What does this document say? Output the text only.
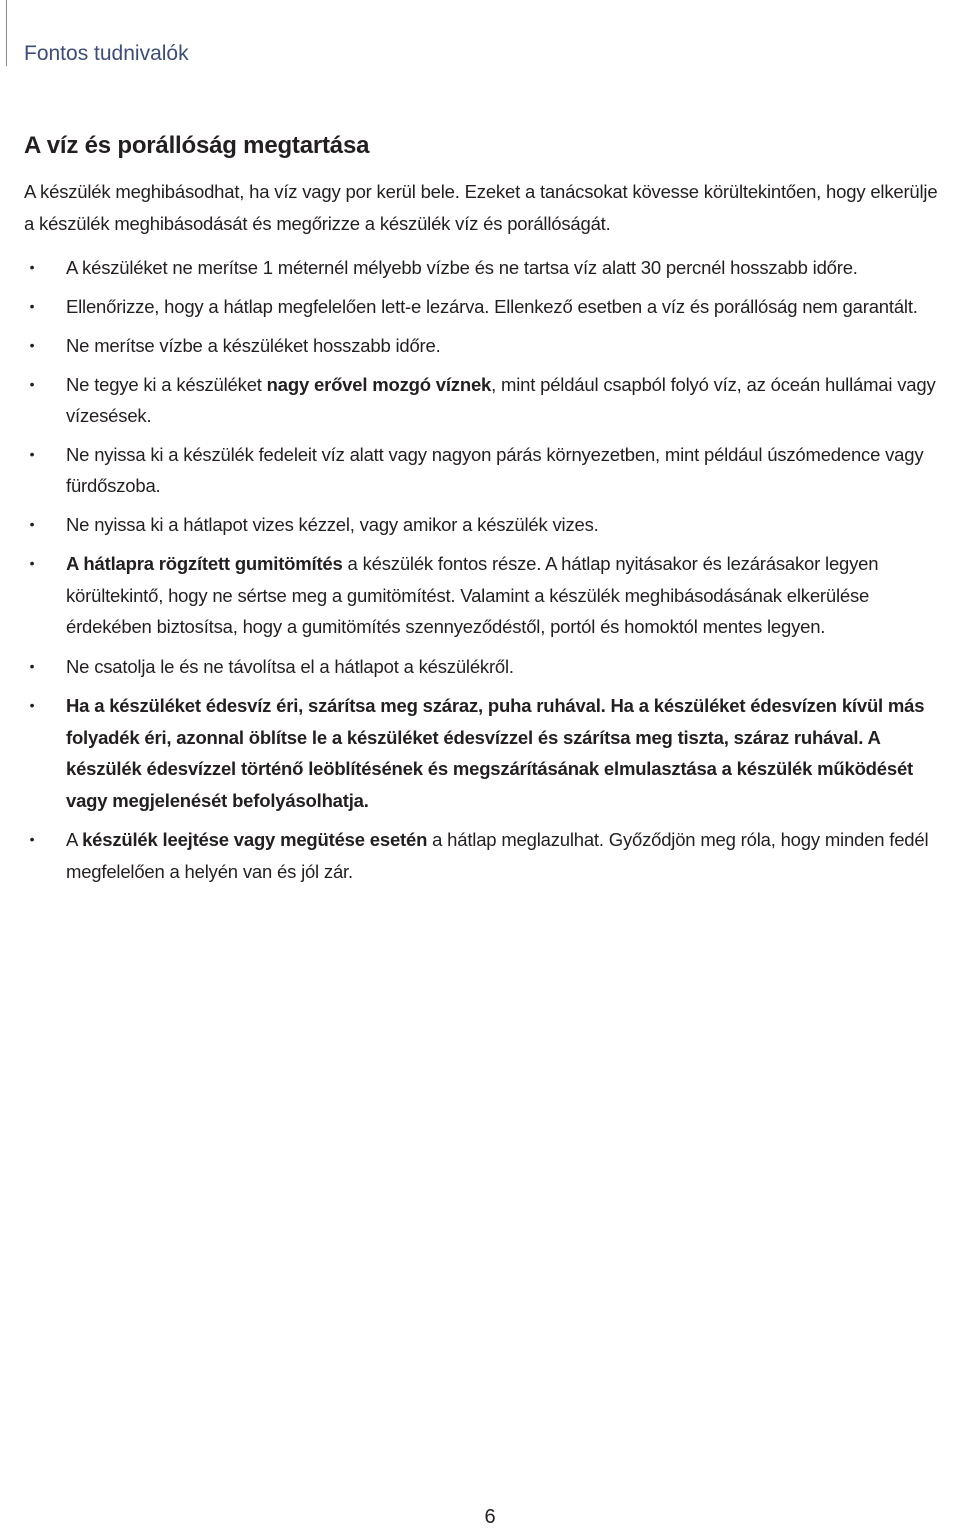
Fontos tudnivalók
A víz és porállóság megtartása

A készülék meghibásodhat, ha víz vagy por kerül bele. Ezeket a tanácsokat kövesse körültekintően, hogy elkerülje a készülék meghibásodását és megőrizze a készülék víz és porállóságát.

• A készüléket ne merítse 1 méternél mélyebb vízbe és ne tartsa víz alatt 30 percnél hosszabb időre.
• Ellenőrizze, hogy a hátlap megfelelően lett-e lezárva. Ellenkező esetben a víz és porállóság nem garantált.
• Ne merítse vízbe a készüléket hosszabb időre.
• Ne tegye ki a készüléket nagy erővel mozgó víznek, mint például csapból folyó víz, az óceán hullámai vagy vízesések.
• Ne nyissa ki a készülék fedeleit víz alatt vagy nagyon párás környezetben, mint például úszómedence vagy fürdőszoba.
• Ne nyissa ki a hátlapot vizes kézzel, vagy amikor a készülék vizes.
• A hátlapra rögzített gumitömítés a készülék fontos része. A hátlap nyitásakor és lezárásakor legyen körültekintő, hogy ne sértse meg a gumitömítést. Valamint a készülék meghibásodásának elkerülése érdekében biztosítsa, hogy a gumitömítés szennyeződéstől, portól és homoktól mentes legyen.
• Ne csatolja le és ne távolítsa el a hátlapot a készülékről.
• Ha a készüléket édesvíz éri, szárítsa meg száraz, puha ruhával. Ha a készüléket édesvízen kívül más folyadék éri, azonnal öblítse le a készüléket édesvízzel és szárítsa meg tiszta, száraz ruhával. A készülék édesvízzel történő leöblítésének és megszárításának elmulasztása a készülék működését vagy megjelenését befolyásolhatja.
• A készülék leejtése vagy megütése esetén a hátlap meglazulhat. Győződjön meg róla, hogy minden fedél megfelelően a helyén van és jól zár.
6
